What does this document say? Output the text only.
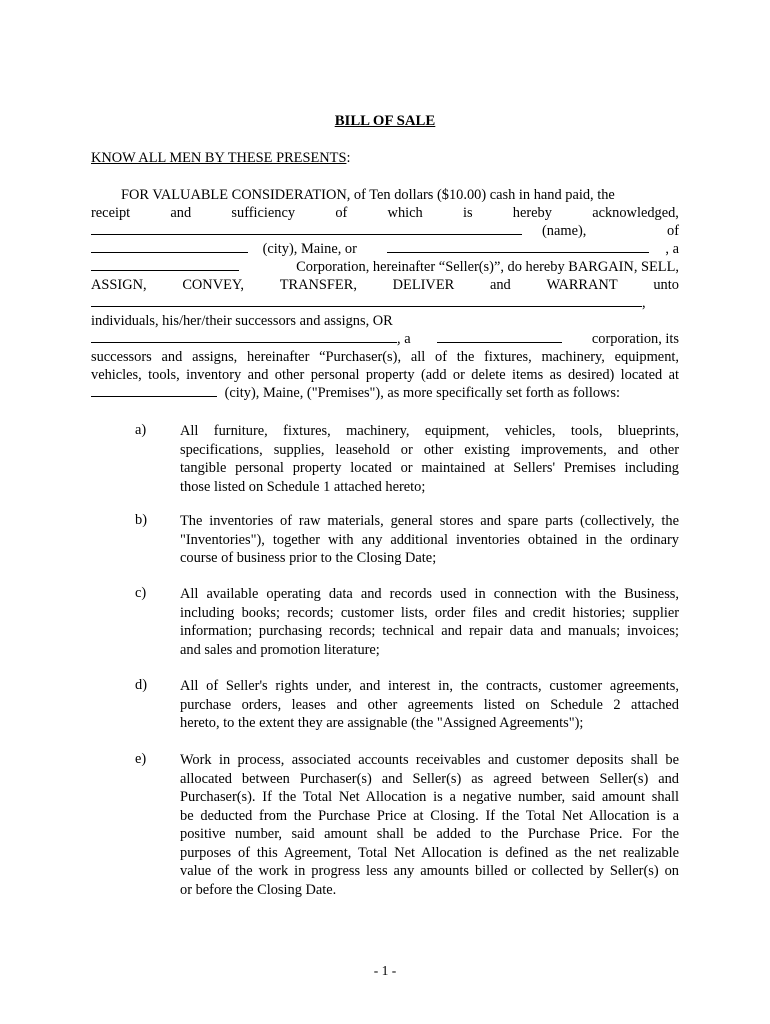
BILL OF SALE
KNOW ALL MEN BY THESE PRESENTS:
FOR VALUABLE CONSIDERATION, of Ten dollars ($10.00) cash in hand paid, the
receipt	and	sufficiency	of	which	is	hereby	acknowledged,
(name),	of
(city), Maine, or	, a
Corporation, hereinafter “Seller(s)”, do hereby BARGAIN, SELL,
ASSIGN, CONVEY, TRANSFER, DELIVER and WARRANT unto
,
individuals, his/her/their successors and assigns, OR
, a	corporation, its
successors and assigns, hereinafter “Purchaser(s), all of the fixtures, machinery, equipment,
vehicles, tools, inventory and other personal property (add or delete items as desired) located at
(city), Maine, ("Premises"), as more specifically set forth as follows:
a) All furniture, fixtures, machinery, equipment, vehicles, tools, blueprints,
specifications, supplies, leasehold or other existing improvements, and other
tangible personal property located or maintained at Sellers' Premises including
those listed on Schedule 1 attached hereto;
b) The inventories of raw materials, general stores and spare parts (collectively, the
"Inventories"), together with any additional inventories obtained in the ordinary
course of business prior to the Closing Date;
c) All available operating data and records used in connection with the Business,
including books; records; customer lists, order files and credit histories; supplier
information; purchasing records; technical and repair data and manuals; invoices;
and sales and promotion literature;
d) All of Seller's rights under, and interest in, the contracts, customer agreements,
purchase orders, leases and other agreements listed on Schedule 2 attached
hereto, to the extent they are assignable (the "Assigned Agreements");
e) Work in process, associated accounts receivables and customer deposits shall be
allocated between Purchaser(s) and Seller(s) as agreed between Seller(s) and
Purchaser(s). If the Total Net Allocation is a negative number, said amount shall
be deducted from the Purchase Price at Closing. If the Total Net Allocation is a
positive number, said amount shall be added to the Purchase Price. For the
purposes of this Agreement, Total Net Allocation is defined as the net realizable
value of the work in progress less any amounts billed or collected by Seller(s) on
or before the Closing Date.
- 1 -
